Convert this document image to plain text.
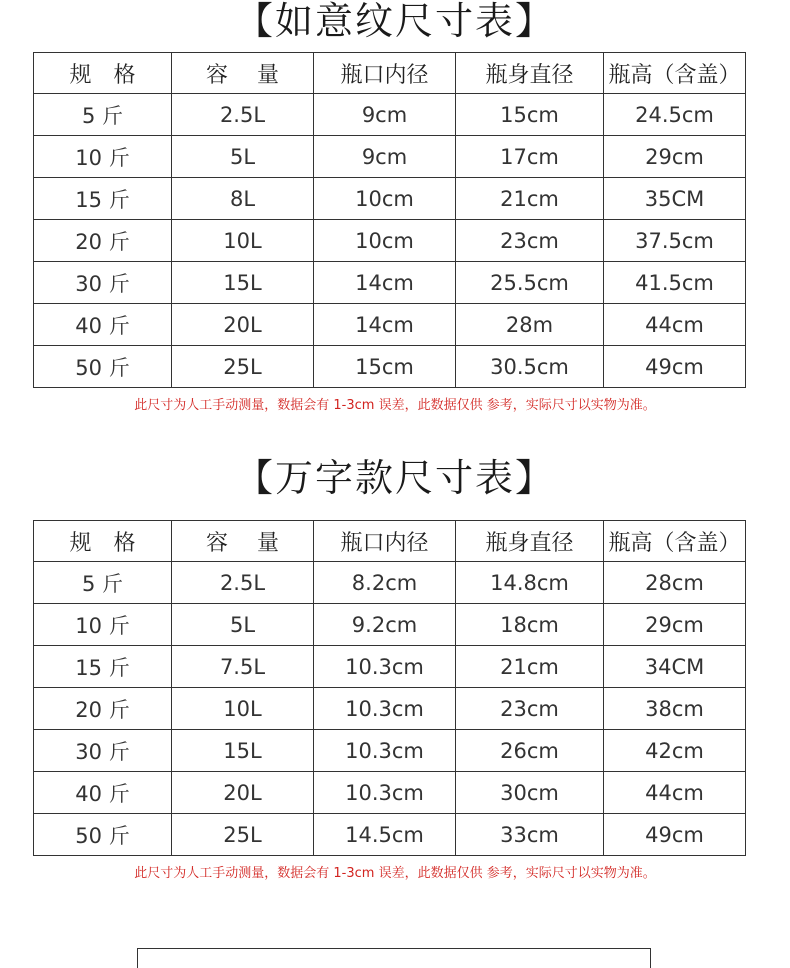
【如意纹尺寸表】
规　格	容　 量	瓶口内径	瓶身直径	瓶高（含盖）
5 斤	2.5L	9cm	15cm	24.5cm
10 斤	5L	9cm	17cm	29cm
15 斤	8L	10cm	21cm	35CM
20 斤	10L	10cm	23cm	37.5cm
30 斤	15L	14cm	25.5cm	41.5cm
40 斤	20L	14cm	28m	44cm
50 斤	25L	15cm	30.5cm	49cm
此尺寸为人工手动测量，数据会有 1-3cm 误差，此数据仅供 参考，实际尺寸以实物为准。
【万字款尺寸表】
规　格	容　 量	瓶口内径	瓶身直径	瓶高（含盖）
5 斤	2.5L	8.2cm	14.8cm	28cm
10 斤	5L	9.2cm	18cm	29cm
15 斤	7.5L	10.3cm	21cm	34CM
20 斤	10L	10.3cm	23cm	38cm
30 斤	15L	10.3cm	26cm	42cm
40 斤	20L	10.3cm	30cm	44cm
50 斤	25L	14.5cm	33cm	49cm
此尺寸为人工手动测量，数据会有 1-3cm 误差，此数据仅供 参考，实际尺寸以实物为准。
